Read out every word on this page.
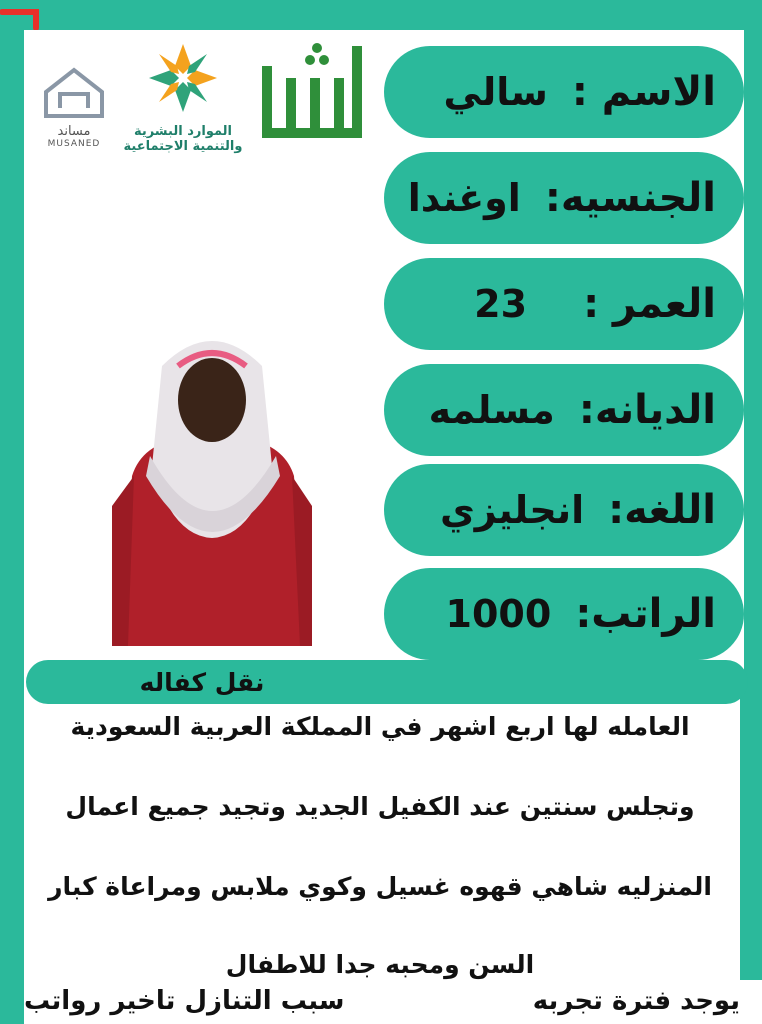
مساند
MUSANED
الموارد البشرية
والتنمية الاجتماعية
الاسم :
سالي
الجنسيه:
اوغندا
العمر :
23
الديانه:
مسلمه
اللغه:
انجليزي
الراتب:
1000
نقل كفاله
العامله لها اربع اشهر في المملكة العربية السعودية
وتجلس سنتين عند الكفيل الجديد وتجيد جميع اعمال
المنزليه شاهي قهوه غسيل وكوي ملابس ومراعاة كبار
السن ومحبه جدا للاطفال
سبب التنازل تاخير رواتب	يوجد فترة تجربه
